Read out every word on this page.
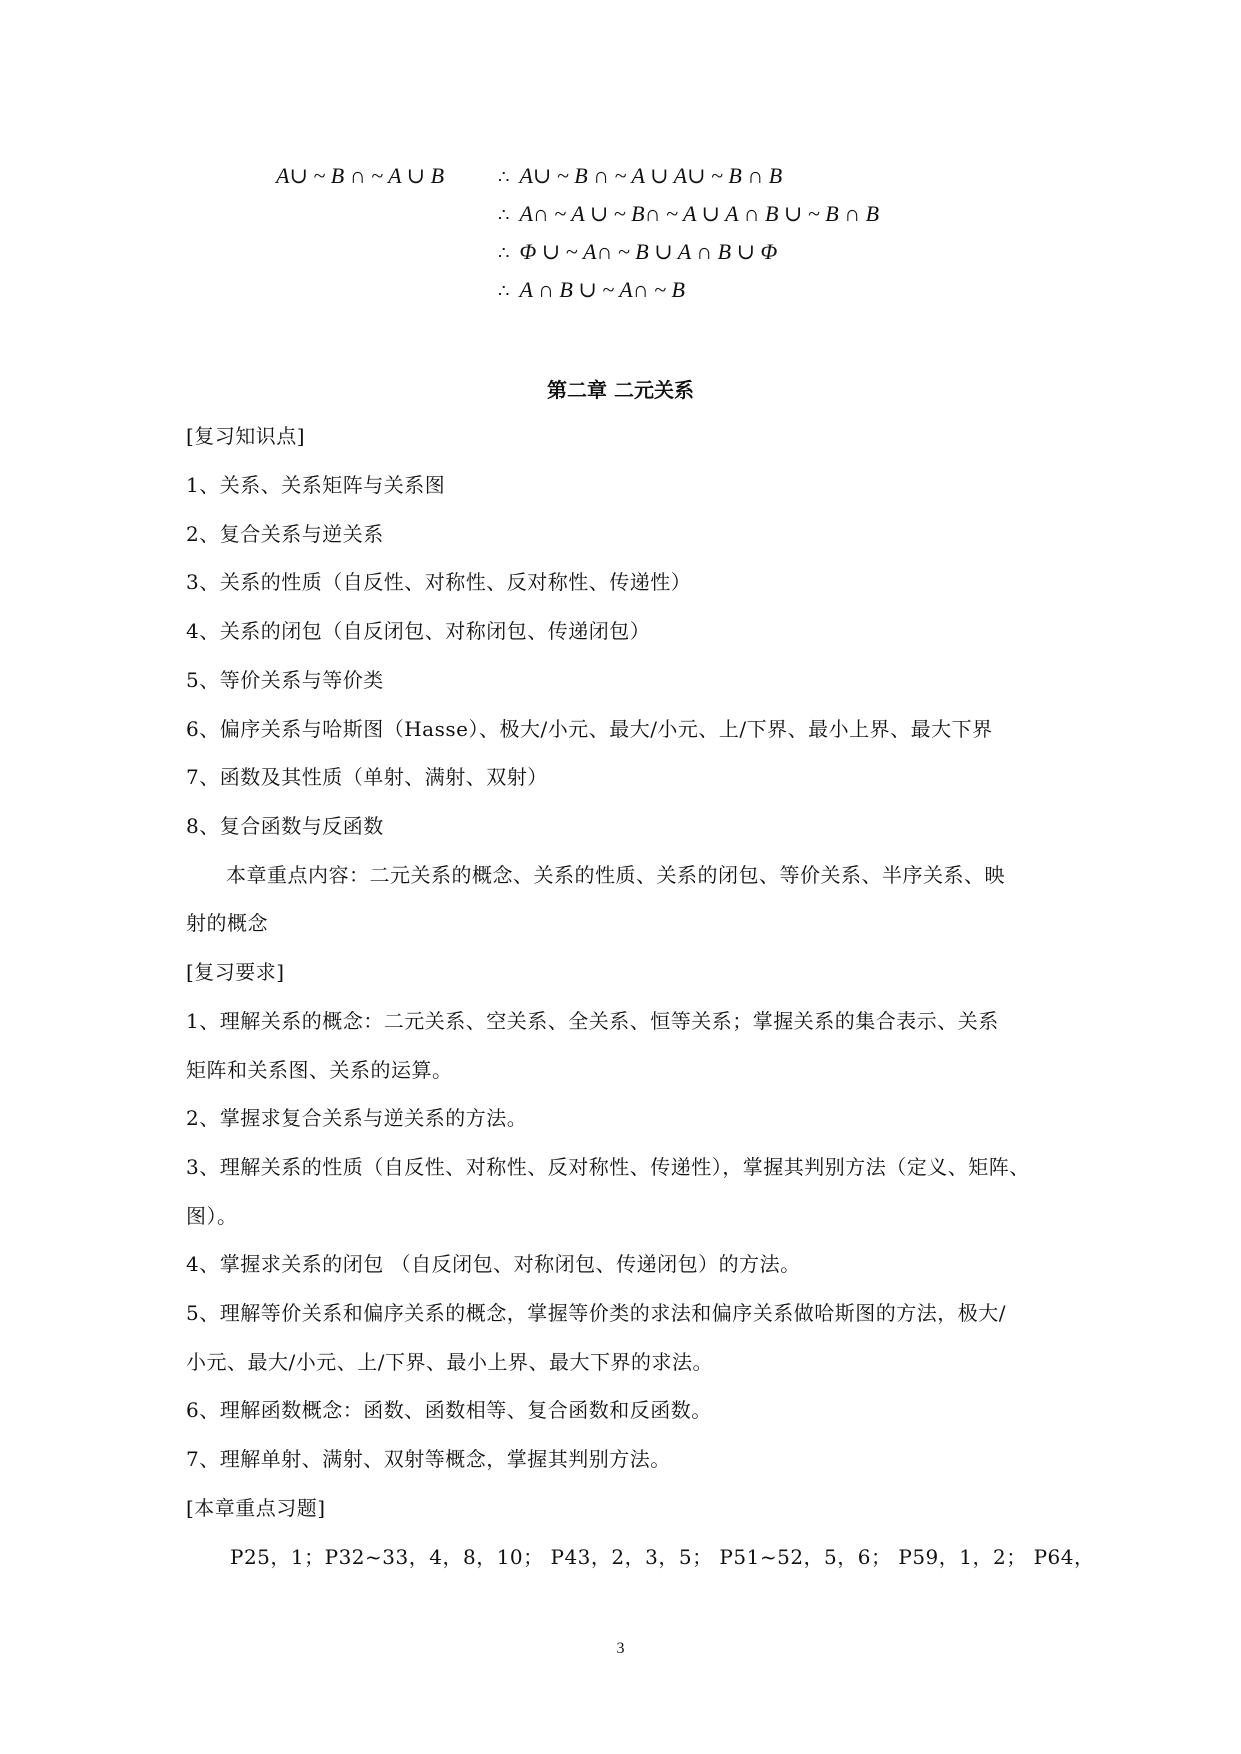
A∪ ~ B ∩ ~ A ∪ B	∴ A∪ ~ B ∩ ~ A ∪ A∪ ~ B ∩ B
∴ A∩ ~ A ∪ ~ B∩ ~ A ∪ A ∩ B ∪ ~ B ∩ B
∴ Φ ∪ ~ A∩ ~ B ∪ A ∩ B ∪ Φ
∴ A ∩ B ∪ ~ A∩ ~ B
第二章 二元关系
[复习知识点]
1、关系、关系矩阵与关系图
2、复合关系与逆关系
3、关系的性质（自反性、对称性、反对称性、传递性）
4、关系的闭包（自反闭包、对称闭包、传递闭包）
5、等价关系与等价类
6、偏序关系与哈斯图（Hasse）、极大/小元、最大/小元、上/下界、最小上界、最大下界
7、函数及其性质（单射、满射、双射）
8、复合函数与反函数
本章重点内容：二元关系的概念、关系的性质、关系的闭包、等价关系、半序关系、映
射的概念
[复习要求]
1、理解关系的概念：二元关系、空关系、全关系、恒等关系；掌握关系的集合表示、关系
矩阵和关系图、关系的运算。
2、掌握求复合关系与逆关系的方法。
3、理解关系的性质（自反性、对称性、反对称性、传递性），掌握其判别方法（定义、矩阵、
图）。
4、掌握求关系的闭包 （自反闭包、对称闭包、传递闭包）的方法。
5、理解等价关系和偏序关系的概念，掌握等价类的求法和偏序关系做哈斯图的方法，极大/
小元、最大/小元、上/下界、最小上界、最大下界的求法。
6、理解函数概念：函数、函数相等、复合函数和反函数。
7、理解单射、满射、双射等概念，掌握其判别方法。
[本章重点习题]
P25，1；P32~33，4，8，10； P43，2，3，5； P51~52，5，6； P59，1，2； P64，
3
